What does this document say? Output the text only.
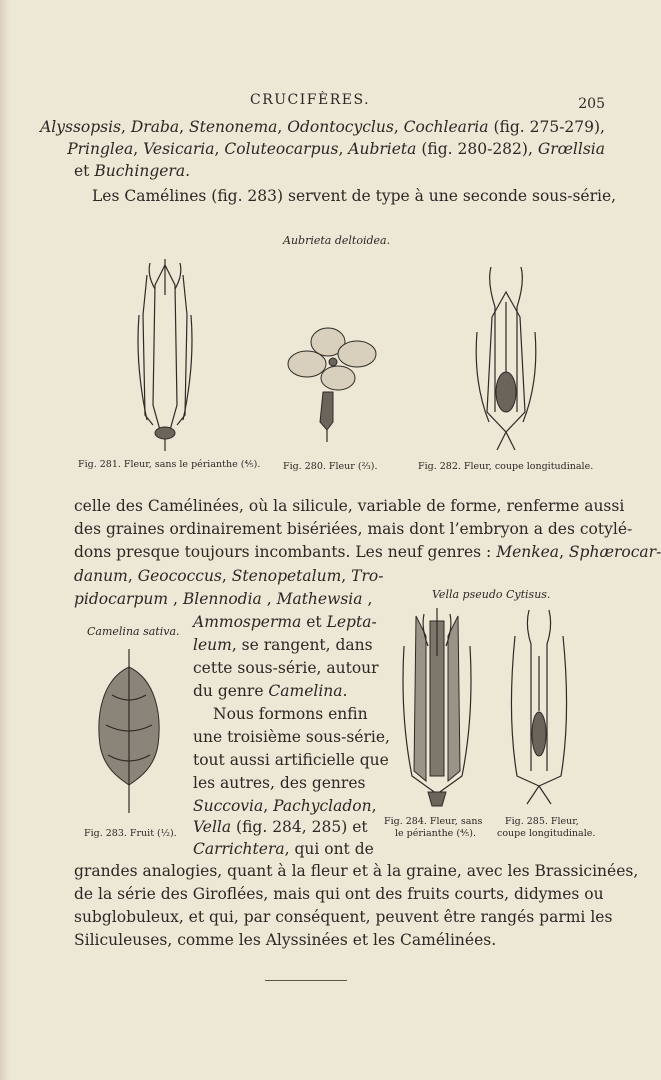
CRUCIFÈRES.	205
Alyssopsis, Draba, Stenonema, Odontocyclus, Cochlearia (fig. 275-279),
Pringlea, Vesicaria, Coluteocarpus, Aubrieta (fig. 280-282), Grœllsia
et Buchingera.
Les Camélines (fig. 283) servent de type à une seconde sous-série,
Aubrieta deltoidea.
Fig. 281. Fleur, sans le périanthe (⅘). Fig. 280. Fleur (⅔).	Fig. 282. Fleur, coupe longitudinale.
celle des Camélinées, où la silicule, variable de forme, renferme aussi
des graines ordinairement bisériées, mais dont l’embryon a des cotylé-
dons presque toujours incombants. Les neuf genres : Menkea, Sphærocar-
danum, Geococcus, Stenopetalum, Tro-
pidocarpum , Blennodia , Mathewsia ,
Ammosperma et Lepta-
leum, se rangent, dans
cette sous-série, autour
du genre Camelina.
Nous formons enfin
une troisième sous-série,
tout aussi artificielle que
les autres, des genres
Succovia, Pachycladon,
Vella (fig. 284, 285) et
Carrichtera, qui ont de
Camelina sativa.
Fig. 283. Fruit (½).
Vella pseudo Cytisus.
Fig. 284. Fleur, sans
le périanthe (⅘).
Fig. 285. Fleur,
coupe longitudinale.
grandes analogies, quant à la fleur et à la graine, avec les Brassicinées,
de la série des Giroflées, mais qui ont des fruits courts, didymes ou
subglobuleux, et qui, par conséquent, peuvent être rangés parmi les
Siliculeuses, comme les Alyssinées et les Camélinées.
